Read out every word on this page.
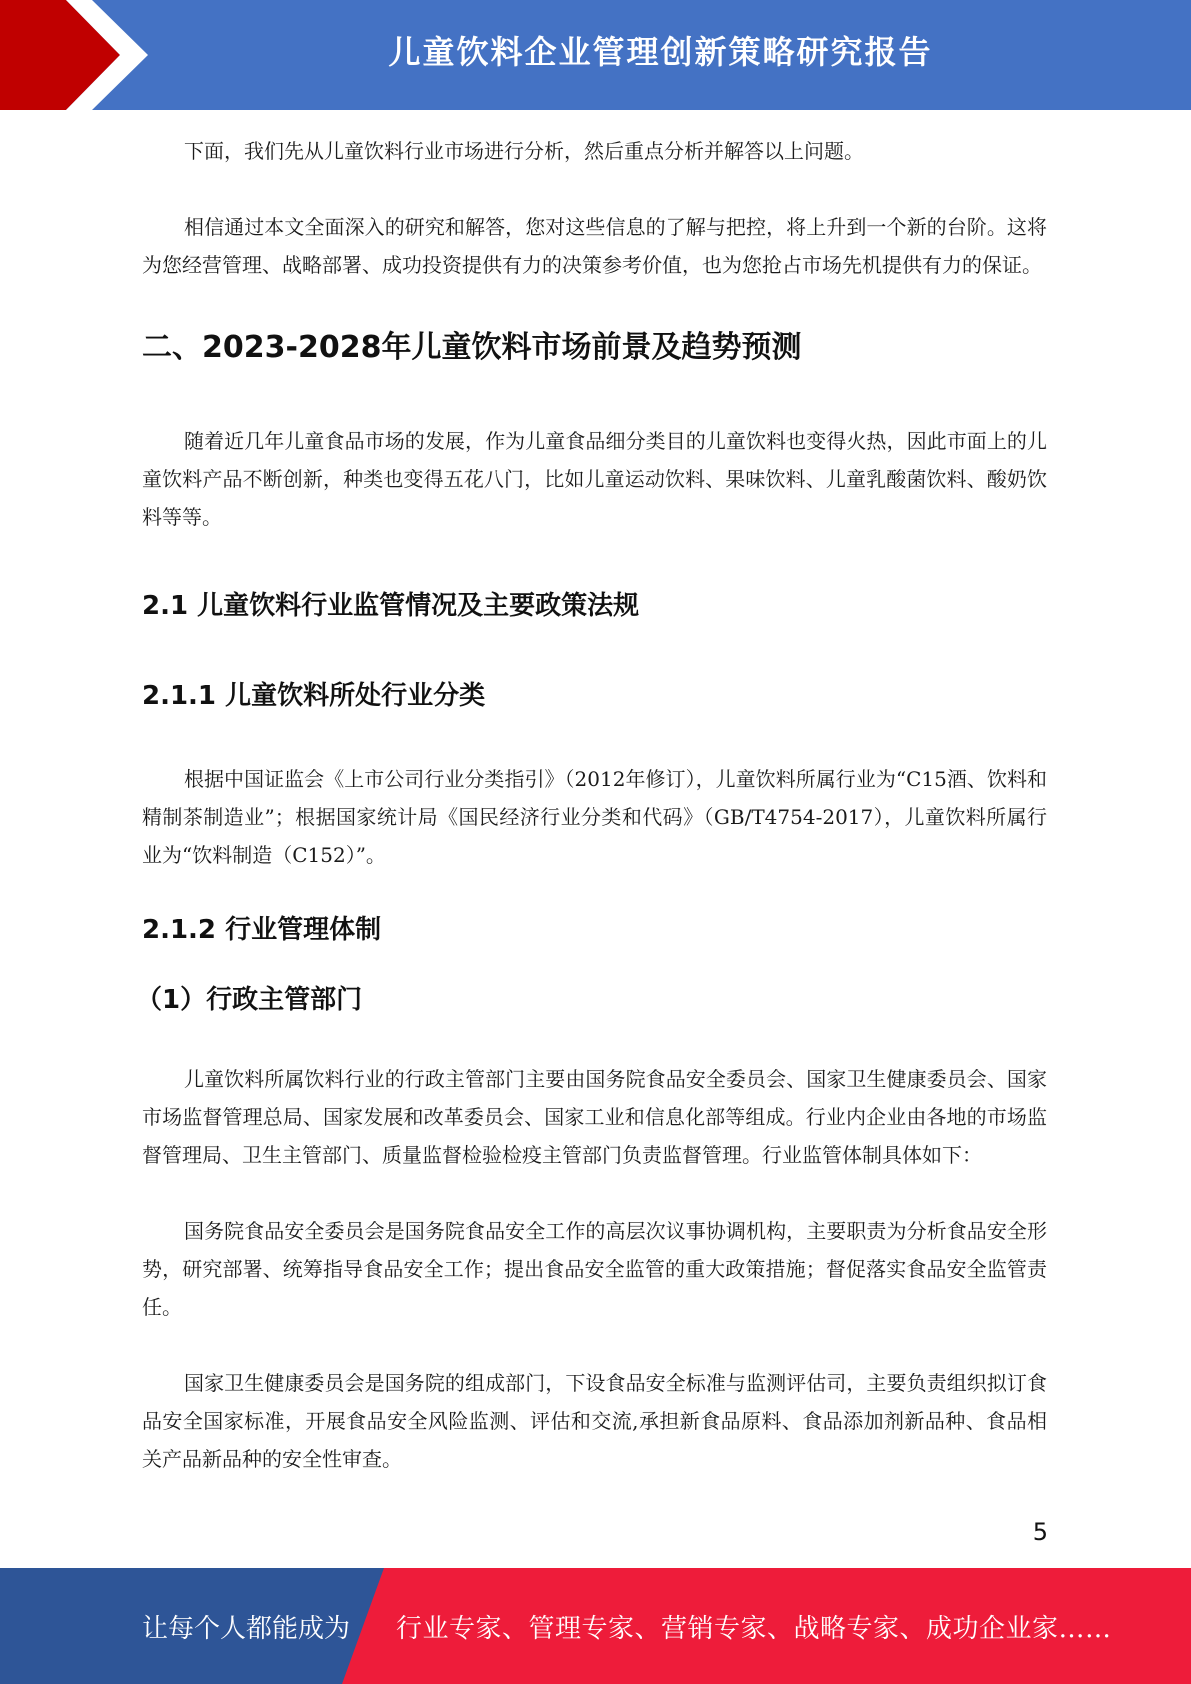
儿童饮料企业管理创新策略研究报告

下面，我们先从儿童饮料行业市场进行分析，然后重点分析并解答以上问题。

相信通过本文全面深入的研究和解答，您对这些信息的了解与把控，将上升到一个新的台阶。这将为您经营管理、战略部署、成功投资提供有力的决策参考价值，也为您抢占市场先机提供有力的保证。

二、2023-2028年儿童饮料市场前景及趋势预测

随着近几年儿童食品市场的发展，作为儿童食品细分类目的儿童饮料也变得火热，因此市面上的儿童饮料产品不断创新，种类也变得五花八门，比如儿童运动饮料、果味饮料、儿童乳酸菌饮料、酸奶饮料等等。

2.1 儿童饮料行业监管情况及主要政策法规
2.1.1 儿童饮料所处行业分类

根据中国证监会《上市公司行业分类指引》（2012年修订），儿童饮料所属行业为“C15酒、饮料和精制茶制造业”；根据国家统计局《国民经济行业分类和代码》（GB/T4754-2017），儿童饮料所属行业为“饮料制造（C152）”。

2.1.2 行业管理体制
（1）行政主管部门

儿童饮料所属饮料行业的行政主管部门主要由国务院食品安全委员会、国家卫生健康委员会、国家市场监督管理总局、国家发展和改革委员会、国家工业和信息化部等组成。行业内企业由各地的市场监督管理局、卫生主管部门、质量监督检验检疫主管部门负责监督管理。行业监管体制具体如下：

国务院食品安全委员会是国务院食品安全工作的高层次议事协调机构，主要职责为分析食品安全形势，研究部署、统筹指导食品安全工作；提出食品安全监管的重大政策措施；督促落实食品安全监管责任。

国家卫生健康委员会是国务院的组成部门，下设食品安全标准与监测评估司，主要负责组织拟订食品安全国家标准，开展食品安全风险监测、评估和交流,承担新食品原料、食品添加剂新品种、食品相关产品新品种的安全性审查。

5
让每个人都能成为 行业专家、管理专家、营销专家、战略专家、成功企业家……
